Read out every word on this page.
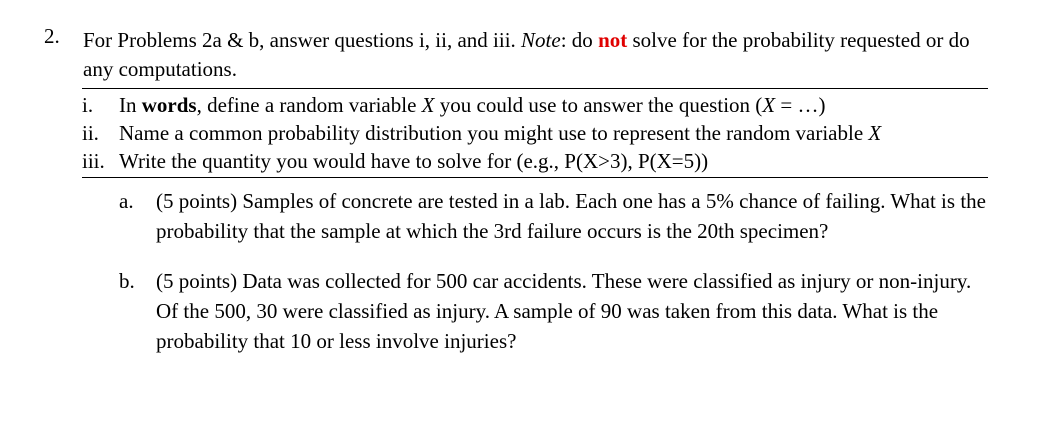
2. For Problems 2a & b, answer questions i, ii, and iii. Note: do not solve for the probability requested or do any computations.
i. In words, define a random variable X you could use to answer the question (X = …)
ii. Name a common probability distribution you might use to represent the random variable X
iii. Write the quantity you would have to solve for (e.g., P(X>3), P(X=5))
a. (5 points) Samples of concrete are tested in a lab. Each one has a 5% chance of failing. What is the probability that the sample at which the 3rd failure occurs is the 20th specimen?
b. (5 points) Data was collected for 500 car accidents. These were classified as injury or non-injury. Of the 500, 30 were classified as injury. A sample of 90 was taken from this data. What is the probability that 10 or less involve injuries?
